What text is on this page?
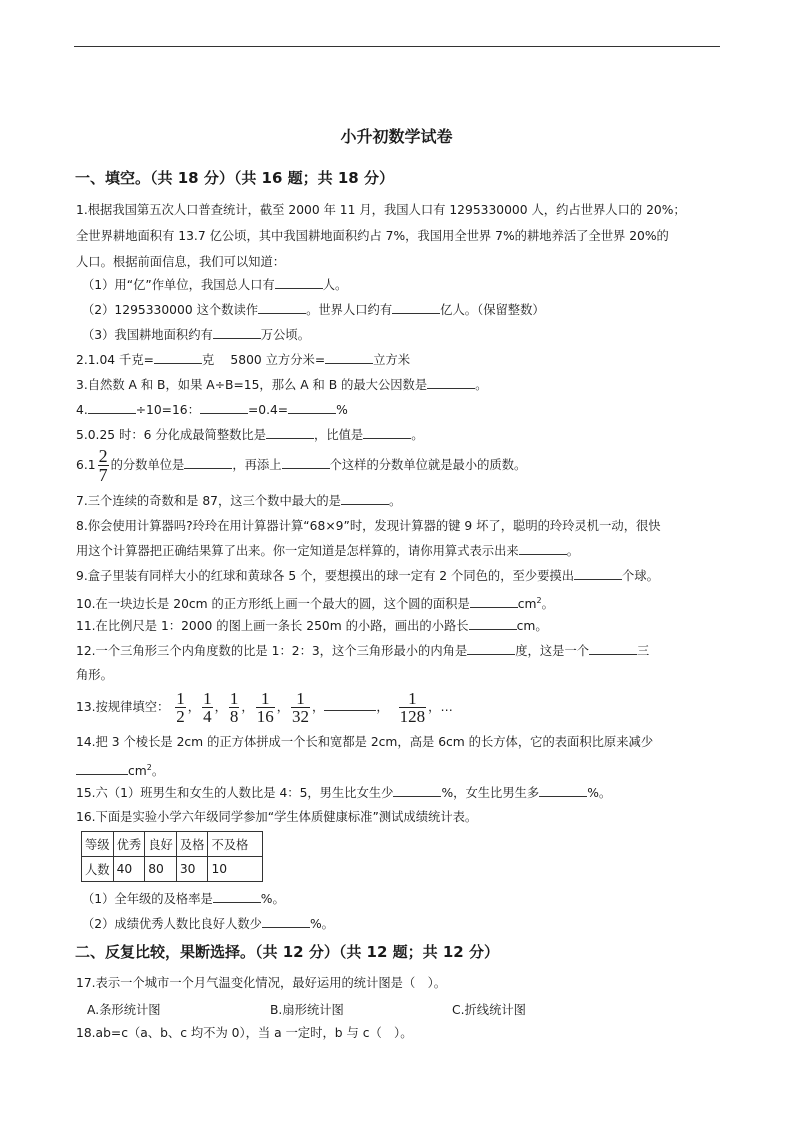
小升初数学试卷
一、填空。（共 18 分）（共 16 题；共 18 分）
1.根据我国第五次人口普查统计，截至 2000 年 11 月，我国人口有 1295330000 人，约占世界人口的 20%；
全世界耕地面积有 13.7 亿公顷，其中我国耕地面积约占 7%，我国用全世界 7%的耕地养活了全世界 20%的
人口。根据前面信息，我们可以知道：
（1）用“亿”作单位，我国总人口有	人。
（2）1295330000 这个数读作	。世界人口约有	亿人。（保留整数）
（3）我国耕地面积约有	万公顷。
2.1.04 千克=	克　 5800 立方分米=	立方米
3.自然数 A 和 B，如果 A÷B=15，那么 A 和 B 的最大公因数是	。
4.	÷10=16：	=0.4=	%
5.0.25 时：6 分化成最简整数比是	，比值是	。
$6.1 \frac{2}{7}$ 的分数单位是	，再添上	个这样的分数单位就是最小的质数。
7.三个连续的奇数和是 87，这三个数中最大的是	。
8.你会使用计算器吗?玲玲在用计算器计算“68×9”时，发现计算器的键 9 坏了，聪明的玲玲灵机一动，很快
用这个计算器把正确结果算了出来。你一定知道是怎样算的，请你用算式表示出来	。
9.盒子里装有同样大小的红球和黄球各 5 个，要想摸出的球一定有 2 个同色的，至少要摸出	个球。
10.在一块边长是 20cm 的正方形纸上画一个最大的圆，这个圆的面积是	$cm^2$。
11.在比例尺是 1：2000 的图上画一条长 250m 的小路，画出的小路长	cm。
12.一个三角形三个内角度数的比是 1：2：3，这个三角形最小的内角是	度，这是一个	三
角形。
13.按规律填空： $\frac{1}{2}$ ， $\frac{1}{4}$ ， $\frac{1}{8}$ ， $\frac{1}{16}$ ， $\frac{1}{32}$ ，	， $\frac{1}{128}$ ，…
14.把 3 个棱长是 2cm 的正方体拼成一个长和宽都是 2cm，高是 6cm 的长方体，它的表面积比原来减少
$cm^2$。
15.六（1）班男生和女生的人数比是 4：5，男生比女生少	%，女生比男生多	%。
16.下面是实验小学六年级同学参加“学生体质健康标准”测试成绩统计表。
等级	优秀	良好	及格	不及格
人数	40	80	30	10
（1）全年级的及格率是	%。
（2）成绩优秀人数比良好人数少	%。
二、反复比较，果断选择。（共 12 分）（共 12 题；共 12 分）
17.表示一个城市一个月气温变化情况，最好运用的统计图是（　）。
A.条形统计图	B.扇形统计图	C.折线统计图
18.ab=c（a、b、c 均不为 0），当 a 一定时，b 与 c（　）。
